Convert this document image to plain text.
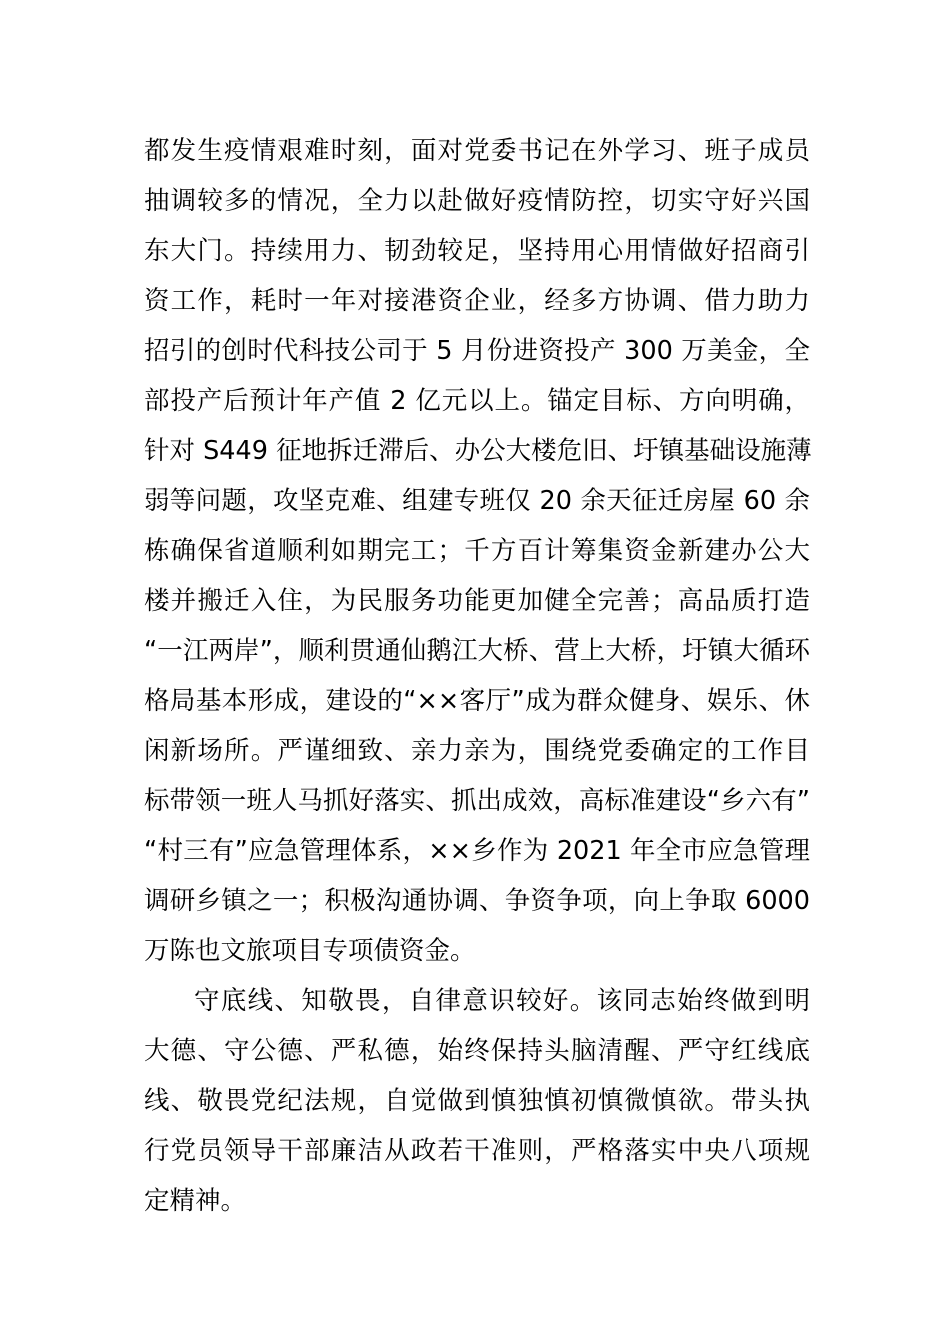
都发生疫情艰难时刻，面对党委书记在外学习、班子成员
抽调较多的情况，全力以赴做好疫情防控，切实守好兴国
东大门。持续用力、韧劲较足，坚持用心用情做好招商引
资工作，耗时一年对接港资企业，经多方协调、借力助力
招引的创时代科技公司于 5 月份进资投产 300 万美金，全
部投产后预计年产值 2 亿元以上。锚定目标、方向明确，
针对 S449 征地拆迁滞后、办公大楼危旧、圩镇基础设施薄
弱等问题，攻坚克难、组建专班仅 20 余天征迁房屋 60 余
栋确保省道顺利如期完工；千方百计筹集资金新建办公大
楼并搬迁入住，为民服务功能更加健全完善；高品质打造
“一江两岸”，顺利贯通仙鹅江大桥、营上大桥，圩镇大循环
格局基本形成，建设的“××客厅”成为群众健身、娱乐、休
闲新场所。严谨细致、亲力亲为，围绕党委确定的工作目
标带领一班人马抓好落实、抓出成效，高标准建设“乡六有”
“村三有”应急管理体系，××乡作为 2021 年全市应急管理
调研乡镇之一；积极沟通协调、争资争项，向上争取 6000
万陈也文旅项目专项债资金。
守底线、知敬畏，自律意识较好。该同志始终做到明
大德、守公德、严私德，始终保持头脑清醒、严守红线底
线、敬畏党纪法规，自觉做到慎独慎初慎微慎欲。带头执
行党员领导干部廉洁从政若干准则，严格落实中央八项规
定精神。
